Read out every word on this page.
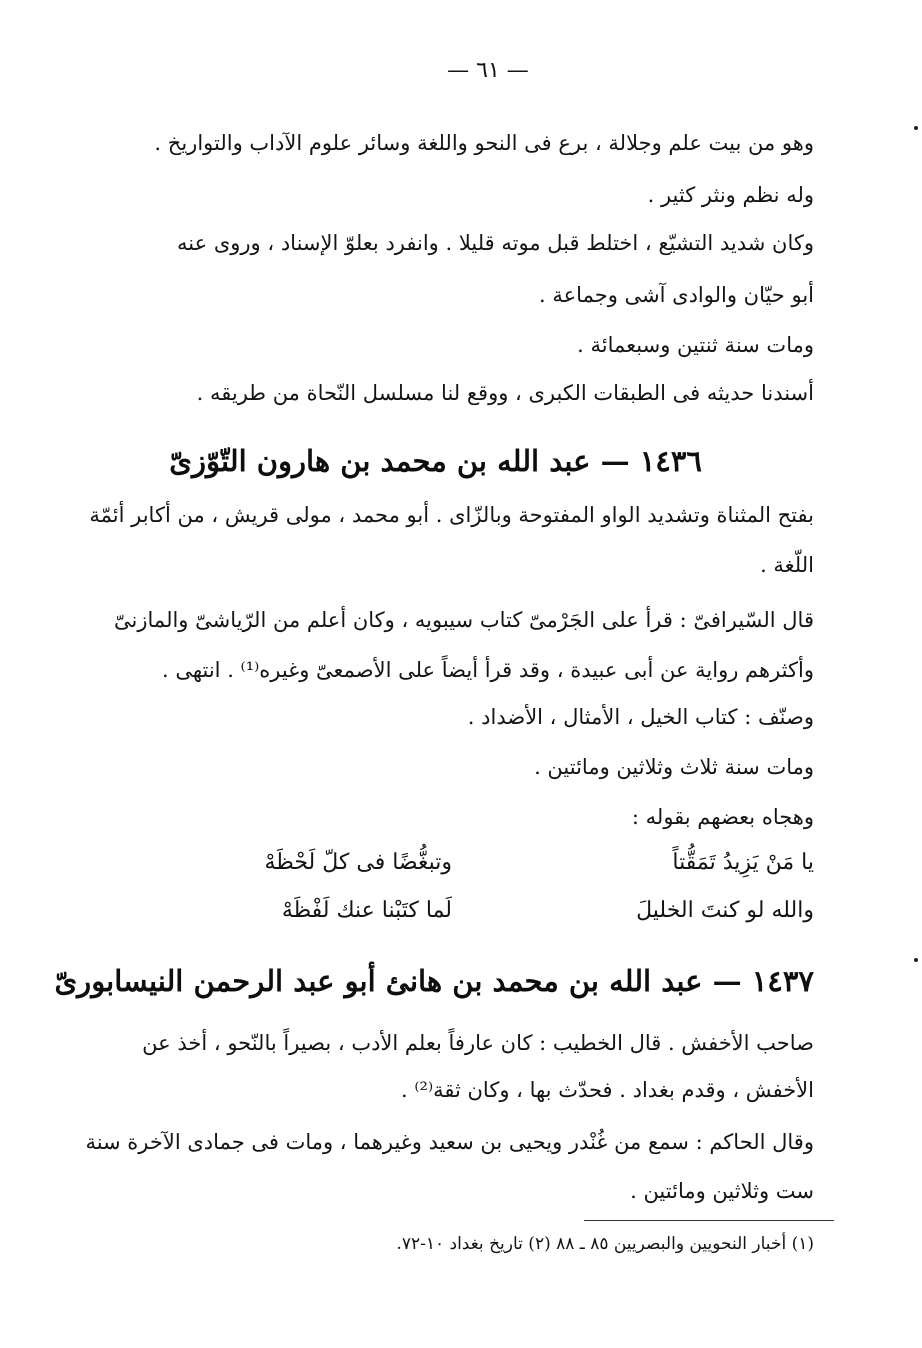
— ٦١ —
وهو من بيت علم وجلالة ، برع فى النحو واللغة وسائر علوم الآداب والتواريخ .
وله نظم ونثر كثير .
وكان شديد التشيّع ، اختلط قبل موته قليلا . وانفرد بعلوّ الإسناد ، وروى عنه
أبو حيّان والوادى آشى وجماعة .
ومات سنة ثنتين وسبعمائة .
أسندنا حديثه فى الطبقات الكبرى ، ووقع لنا مسلسل النّحاة من طريقه .
١٤٣٦ — عبد الله بن محمد بن هارون التّوّزىّ
بفتح المثناة وتشديد الواو المفتوحة وبالزّاى . أبو محمد ، مولى قريش ، من أكابر أئمّة
اللّغة .
قال السّيرافىّ : قرأ على الجَرْمىّ كتاب سيبويه ، وكان أعلم من الرّياشىّ والمازنىّ
وأكثرهم رواية عن أبى عبيدة ، وقد قرأ أيضاً على الأصمعىّ وغيره⁽¹⁾ . انتهى .
وصنّف : كتاب الخيل ، الأمثال ، الأضداد .
ومات سنة ثلاث وثلاثين ومائتين .
وهجاه بعضهم بقوله :
وتبغُّضًا فى كلّ لَحْظَهْ	يا مَنْ يَزِيدُ تَمَقُّتاً
لَما كتَبْنا عنك لَفْظَهْ	والله لو كنتَ الخليلَ
١٤٣٧ — عبد الله بن محمد بن هانئ أبو عبد الرحمن النيسابورىّ
صاحب الأخفش . قال الخطيب : كان عارفاً بعلم الأدب ، بصيراً بالنّحو ، أخذ عن
الأخفش ، وقدم بغداد . فحدّث بها ، وكان ثقة⁽²⁾ .
وقال الحاكم : سمع من غُنْدر ويحيى بن سعيد وغيرهما ، ومات فى جمادى الآخرة سنة
ست وثلاثين ومائتين .
(١) أخبار النحويين والبصريين ٨٥ ـ ٨٨ (٢) تاريخ بغداد ١٠-٧٢.
